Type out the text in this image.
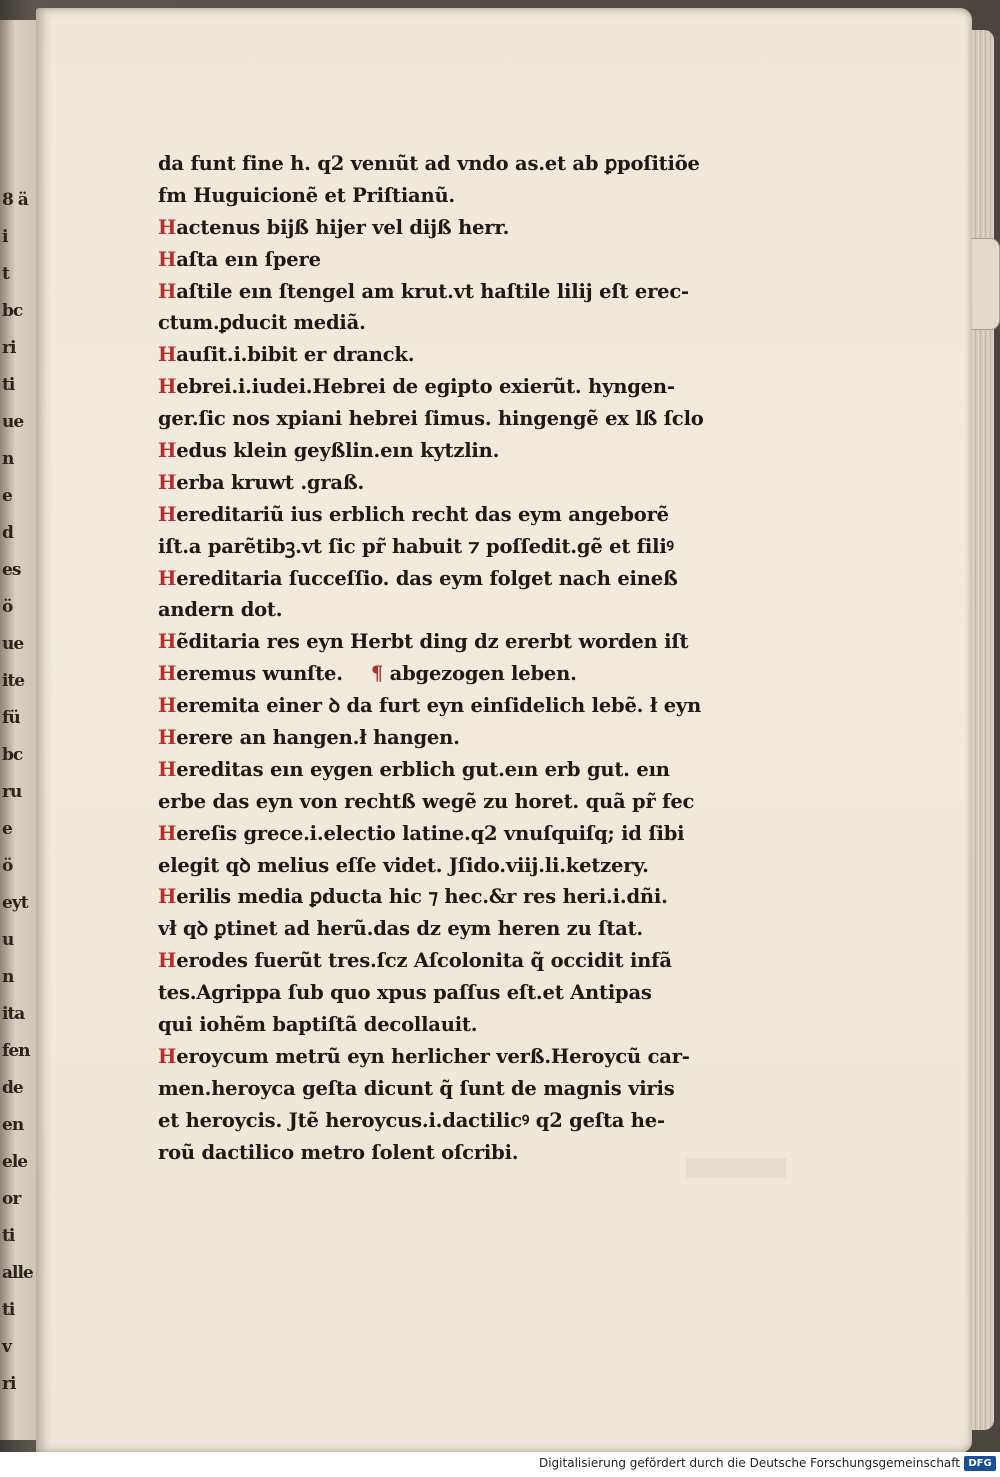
8 ä
i
t
bc
ri
ti
ue
n
e
d
es
ö
ue
ite
fü
bc
ru
e
ö
eyt
u
n
ita
fen
de
en
ele
or
ti
alle
ti
v
ri
da funt fine h. q2 venıũt ad vndo as.et ab ꝑpoſitiõe
fm Huguicionẽ et Priſtianũ.
Hactenus bijß hijer vel dijß herr.
Haſta eın ſpere
Haſtile eın ſtengel am krut.vt haſtile lilij eſt erec‑
ctum.ꝑducit mediã.
Hauſit.i.bibit er dranck.
Hebrei.i.iudei.Hebrei de egipto exierũt. hyngen‑
ger.ſic nos xpiani hebrei ſimus. hingengẽ ex lß ſclo
Hedus klein geyßlin.eın kytzlin.
Herba kruwt .graß.
Hereditariũ ius erblich recht das eym angeborẽ
iſt.a parẽtibꝫ.vt ſic pr̃ habuit ⁊ poſſedit.gẽ et filiꝰ
Hereditaria ſucceſſio. das eym folget nach eineß
andern dot.
Hẽditaria res eyn Herbt ding dz ererbt worden iſt
Heremus wunſte. ¶ abgezogen leben.
Heremita einer ꝺ da furt eyn einſidelich lebẽ. ł eyn
Herere an hangen.ł hangen.
Hereditas eın eygen erblich gut.eın erb gut. eın
erbe das eyn von rechtß wegẽ zu horet. quã pr̃ fec
Hereſis grece.i.electio latine.q2 vnuſquiſq; id ſibi
elegit qꝺ melius eſſe videt. Jſido.viij.li.ketzery.
Herilis media ꝑducta hic ⁊ hec.&r res heri.i.dñi.
vł qꝺ ꝑtinet ad herũ.das dz eym heren zu ſtat.
Herodes fuerũt tres.ſcz Aſcolonita q̃ occidit infã
tes.Agrippa ſub quo xpus paſſus eſt.et Antipas
qui iohẽm baptiſtã decollauit.
Heroycum metrũ eyn herlicher verß.Heroycũ car‑
men.heroyca geſta dicunt q̃ ſunt de magnis viris
et heroycis. Jtẽ heroycus.i.dactilicꝰ q2 geſta he‑
roũ dactilico metro ſolent oſcribi.
Digitalisierung gefördert durch die Deutsche Forschungsgemeinschaft DFG
